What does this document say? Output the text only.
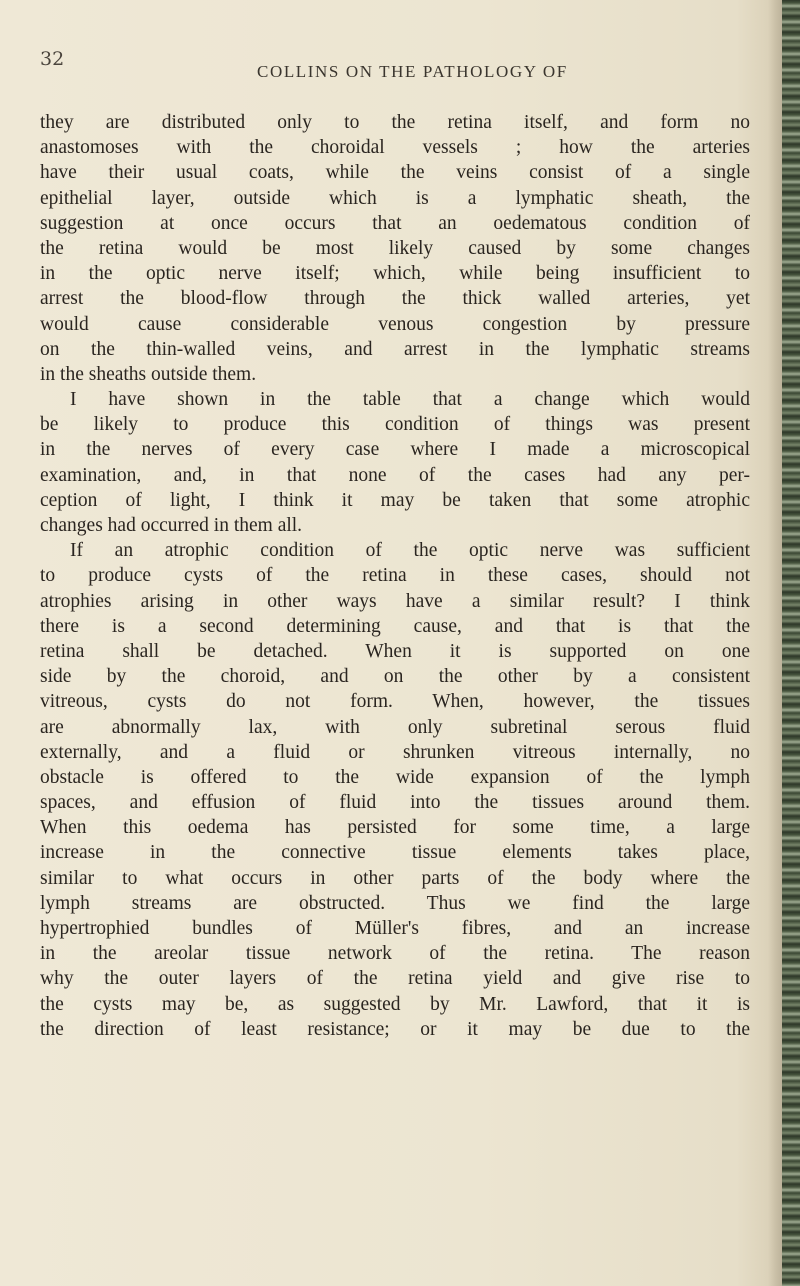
32
COLLINS ON THE PATHOLOGY OF
they are distributed only to the retina itself, and form no
anastomoses with the choroidal vessels ; how the arteries
have their usual coats, while the veins consist of a single
epithelial layer, outside which is a lymphatic sheath, the
suggestion at once occurs that an oedematous condition of
the retina would be most likely caused by some changes
in the optic nerve itself; which, while being insufficient to
arrest the blood-flow through the thick walled arteries, yet
would cause considerable venous congestion by pressure
on the thin-walled veins, and arrest in the lymphatic streams
in the sheaths outside them.
I have shown in the table that a change which would
be likely to produce this condition of things was present
in the nerves of every case where I made a microscopical
examination, and, in that none of the cases had any per-
ception of light, I think it may be taken that some atrophic
changes had occurred in them all.
If an atrophic condition of the optic nerve was sufficient
to produce cysts of the retina in these cases, should not
atrophies arising in other ways have a similar result? I think
there is a second determining cause, and that is that the
retina shall be detached. When it is supported on one
side by the choroid, and on the other by a consistent
vitreous, cysts do not form. When, however, the tissues
are abnormally lax, with only subretinal serous fluid
externally, and a fluid or shrunken vitreous internally, no
obstacle is offered to the wide expansion of the lymph
spaces, and effusion of fluid into the tissues around them.
When this oedema has persisted for some time, a large
increase in the connective tissue elements takes place,
similar to what occurs in other parts of the body where the
lymph streams are obstructed. Thus we find the large
hypertrophied bundles of Müller's fibres, and an increase
in the areolar tissue network of the retina. The reason
why the outer layers of the retina yield and give rise to
the cysts may be, as suggested by Mr. Lawford, that it is
the direction of least resistance; or it may be due to the
